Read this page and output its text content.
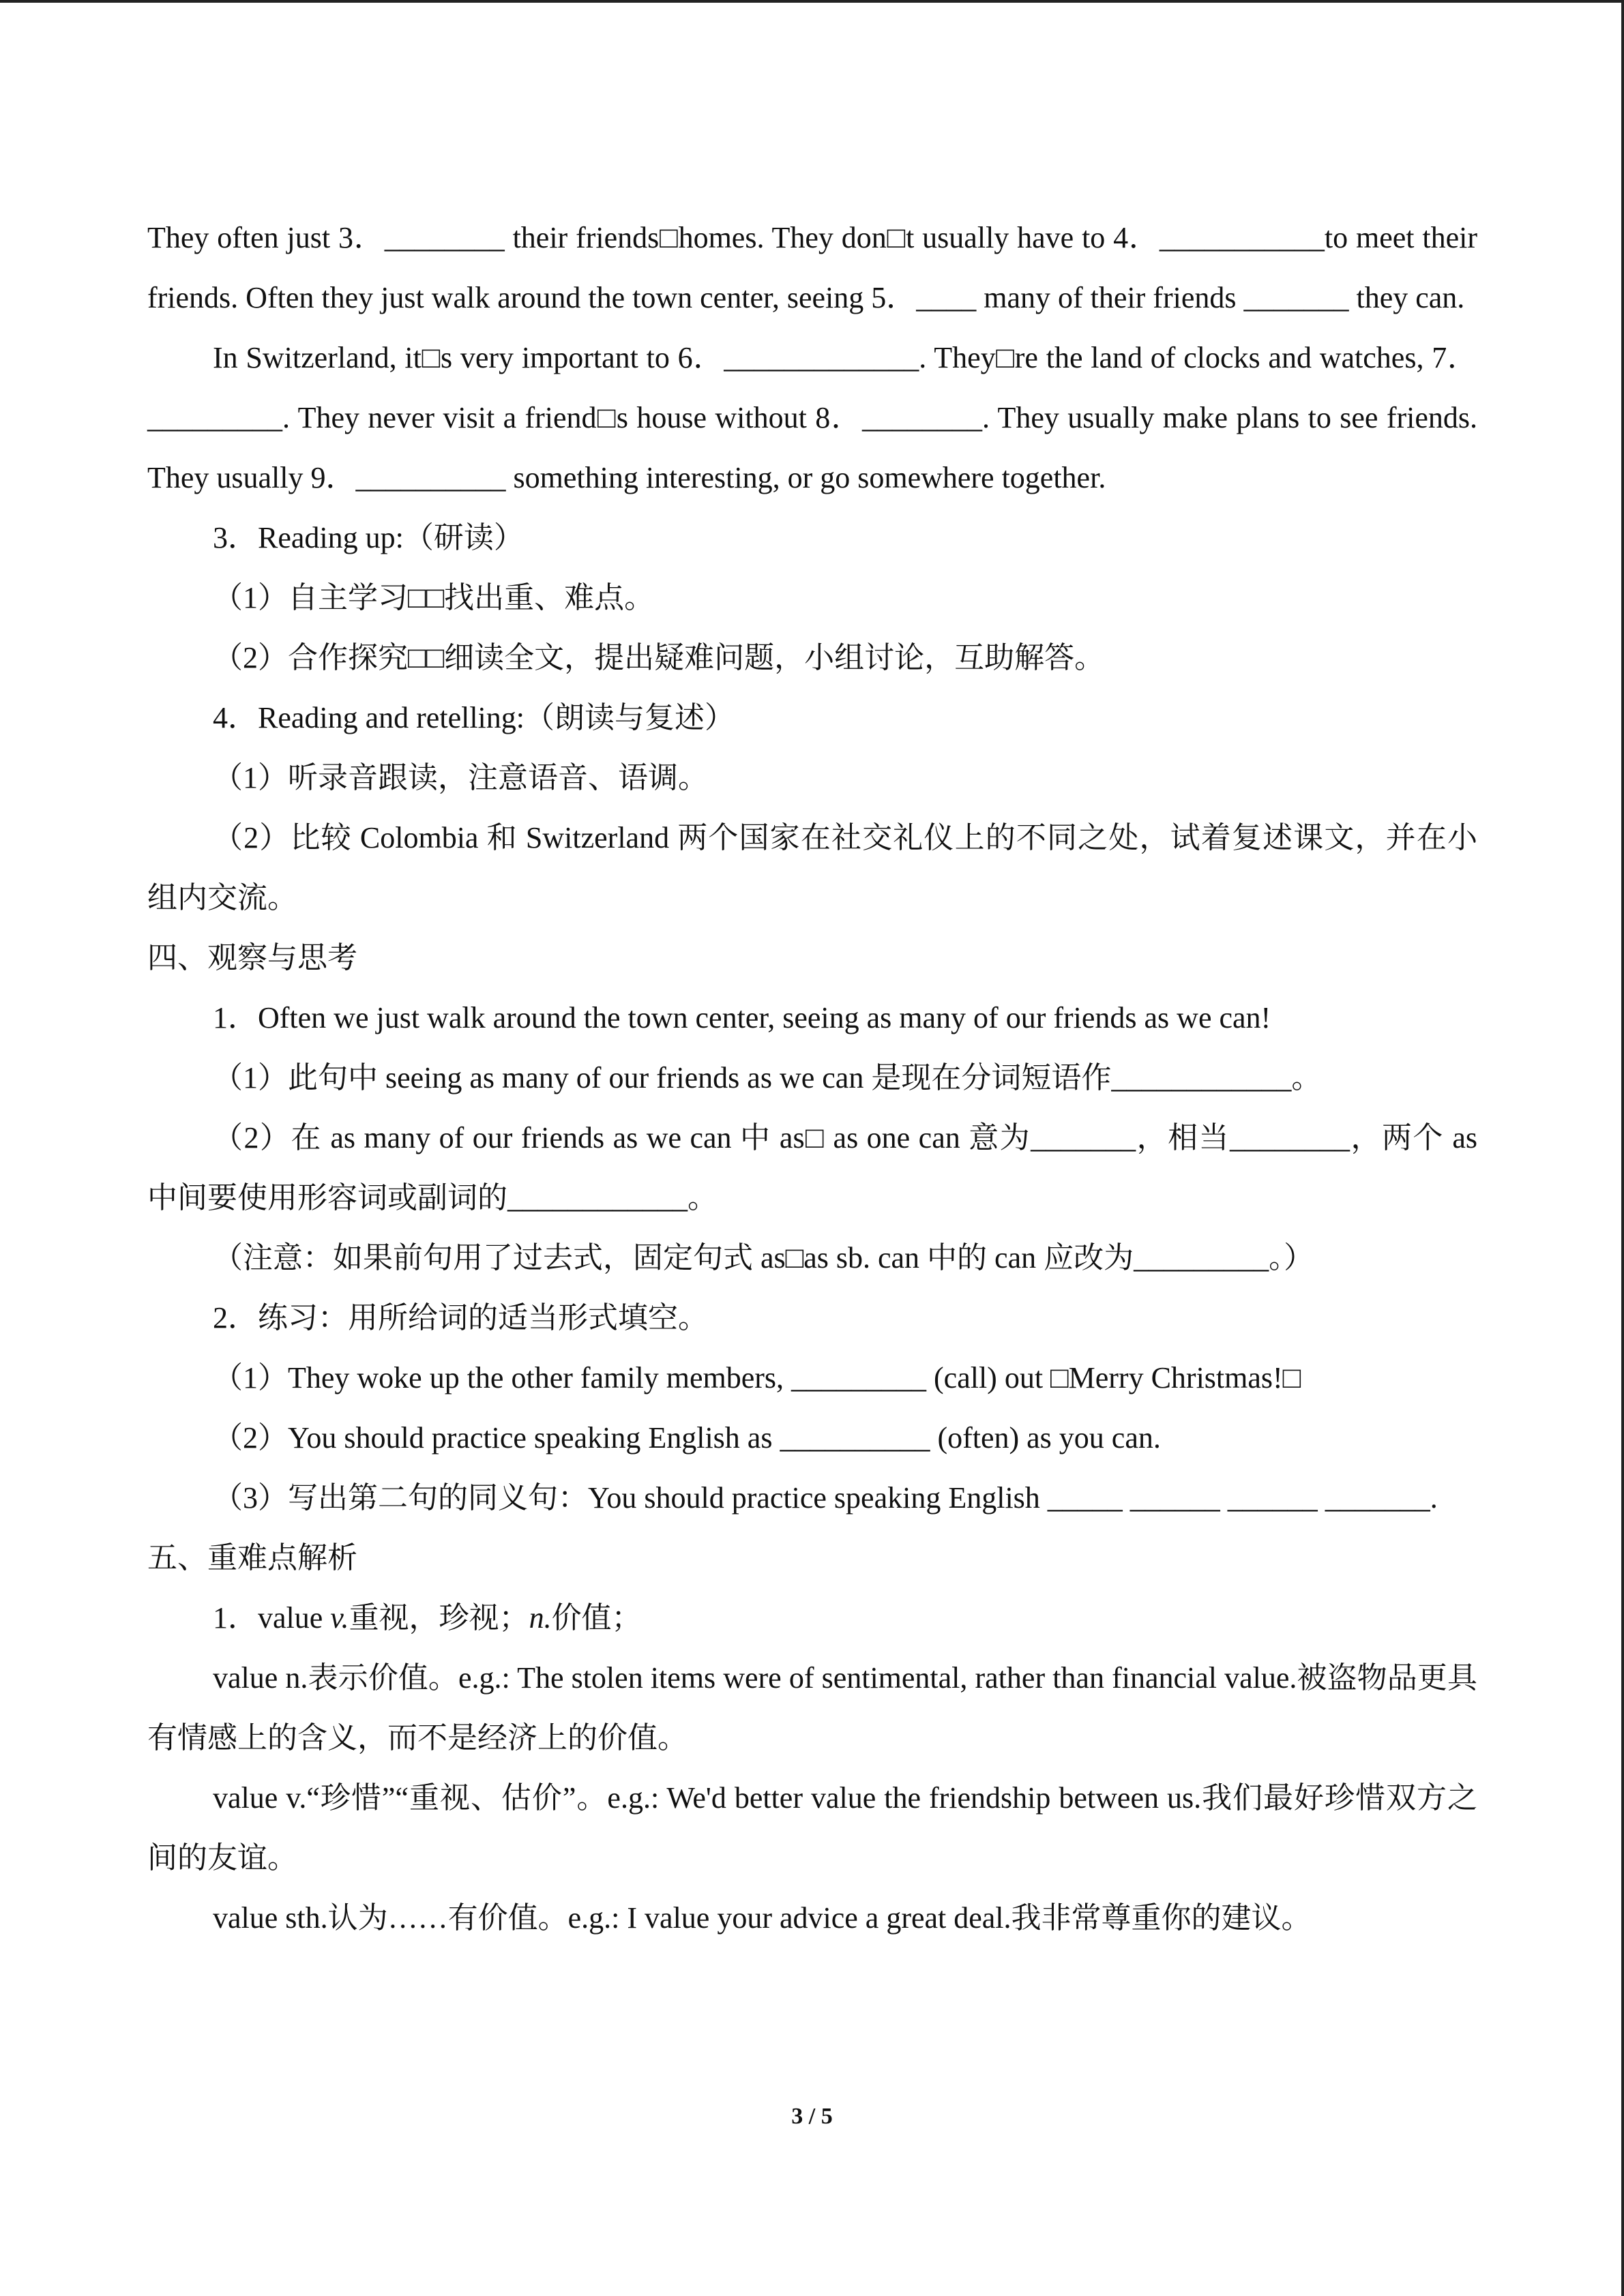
They often just 3．________ their friends□homes. They don□t usually have to 4．___________to meet their friends. Often they just walk around the town center, seeing 5．____ many of their friends _______ they can.

In Switzerland, it□s very important to 6．_____________. They□re the land of clocks and watches, 7．_________. They never visit a friend□s house without 8．________. They usually make plans to see friends. They usually 9．__________ something interesting, or go somewhere together.

3．Reading up:（研读）

（1）自主学习□□找出重、难点。

（2）合作探究□□细读全文，提出疑难问题，小组讨论，互助解答。

4．Reading and retelling:（朗读与复述）

（1）听录音跟读，注意语音、语调。

（2）比较 Colombia 和 Switzerland 两个国家在社交礼仪上的不同之处，试着复述课文，并在小组内交流。

四、观察与思考

1．Often we just walk around the town center, seeing as many of our friends as we can!

（1）此句中 seeing as many of our friends as we can 是现在分词短语作____________。

（2）在 as many of our friends as we can 中 as□ as one can 意为_______，相当________，两个 as 中间要使用形容词或副词的____________。

（注意：如果前句用了过去式，固定句式 as□as sb. can 中的 can 应改为_________。）

2．练习：用所给词的适当形式填空。

（1）They woke up the other family members, _________ (call) out □Merry Christmas!□

（2）You should practice speaking English as __________ (often) as you can.

（3）写出第二句的同义句：You should practice speaking English _____ ______ ______ _______.

五、重难点解析

1．value v.重视，珍视；n.价值；

value n.表示价值。e.g.: The stolen items were of sentimental, rather than financial value.被盗物品更具有情感上的含义，而不是经济上的价值。

value v.“珍惜”“重视、估价”。e.g.: We'd better value the friendship between us.我们最好珍惜双方之间的友谊。

value sth.认为……有价值。e.g.: I value your advice a great deal.我非常尊重你的建议。

3 / 5
